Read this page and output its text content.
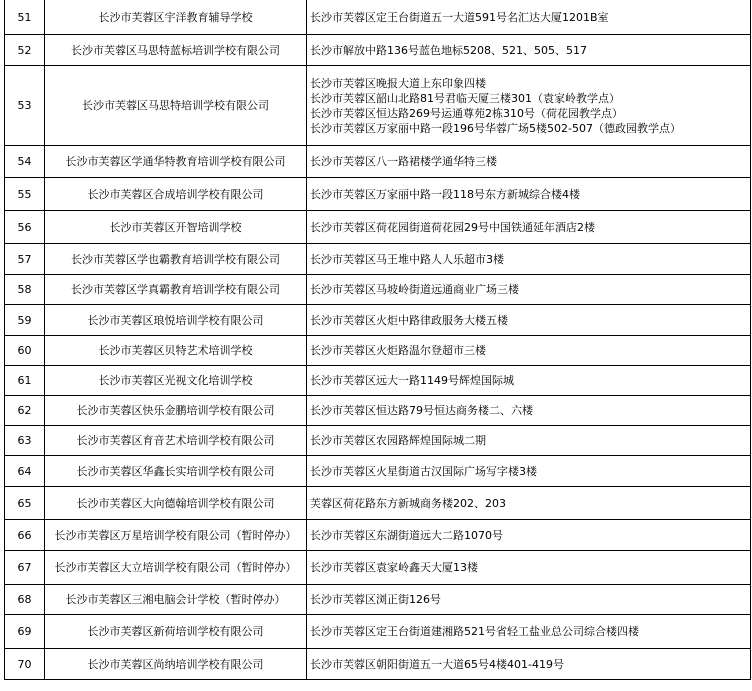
51	长沙市芙蓉区宇洋教育辅导学校	长沙市芙蓉区定王台街道五一大道591号名汇达大厦1201B室

52	长沙市芙蓉区马思特蓝标培训学校有限公司	长沙市解放中路136号蓝色地标5208、521、505、517

53	长沙市芙蓉区马思特培训学校有限公司	长沙市芙蓉区晚报大道上东印象四楼
长沙市芙蓉区韶山北路81号君临天厦三楼301（袁家岭教学点）
长沙市芙蓉区恒达路269号运通尊苑2栋310号（荷花园教学点）
长沙市芙蓉区万家丽中路一段196号华蓉广场5楼502-507（德政园教学点）

54	长沙市芙蓉区学通华特教育培训学校有限公司	长沙市芙蓉区八一路裙楼学通华特三楼

55	长沙市芙蓉区合成培训学校有限公司	长沙市芙蓉区万家丽中路一段118号东方新城综合楼4楼

56	长沙市芙蓉区开智培训学校	长沙市芙蓉区荷花园街道荷花园29号中国铁通延年酒店2楼

57	长沙市芙蓉区学也霸教育培训学校有限公司	长沙市芙蓉区马王堆中路人人乐超市3楼

58	长沙市芙蓉区学真霸教育培训学校有限公司	长沙市芙蓉区马坡岭街道远通商业广场三楼

59	长沙市芙蓉区琅悦培训学校有限公司	长沙市芙蓉区火炬中路律政服务大楼五楼

60	长沙市芙蓉区贝特艺术培训学校	长沙市芙蓉区火炬路温尔登超市三楼

61	长沙市芙蓉区光视文化培训学校	长沙市芙蓉区远大一路1149号辉煌国际城

62	长沙市芙蓉区快乐金鹏培训学校有限公司	长沙市芙蓉区恒达路79号恒达商务楼二、六楼

63	长沙市芙蓉区育音艺术培训学校有限公司	长沙市芙蓉区农园路辉煌国际城二期

64	长沙市芙蓉区华鑫长实培训学校有限公司	长沙市芙蓉区火星街道古汉国际广场写字楼3楼

65	长沙市芙蓉区大向德翰培训学校有限公司	芙蓉区荷花路东方新城商务楼202、203

66	长沙市芙蓉区万星培训学校有限公司（暂时停办）	长沙市芙蓉区东湖街道远大二路1070号

67	长沙市芙蓉区大立培训学校有限公司（暂时停办）	长沙市芙蓉区袁家岭鑫天大厦13楼

68	长沙市芙蓉区三湘电脑会计学校（暂时停办）	长沙市芙蓉区浏正街126号

69	长沙市芙蓉区新荷培训学校有限公司	长沙市芙蓉区定王台街道建湘路521号省轻工盐业总公司综合楼四楼

70	长沙市芙蓉区尚纳培训学校有限公司	长沙市芙蓉区朝阳街道五一大道65号4楼401-419号
